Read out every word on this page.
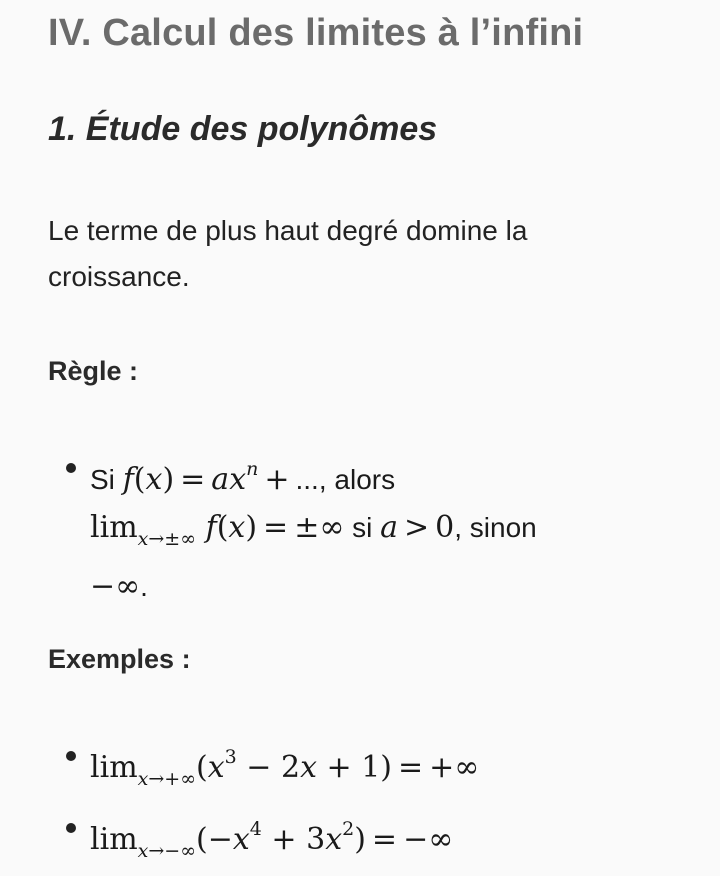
IV. Calcul des limites à l’infini
1. Étude des polynômes
Le terme de plus haut degré domine la croissance.
Règle :
Si $f(x) = ax^n$ + ..., alors
$\lim_{x\to\pm\infty} f(x)$ = ±∞ si a > 0, sinon
−∞.
Exemples :
$\lim_{x\to+\infty}(x^3 - 2x + 1)$ = +∞
$\lim_{x\to-\infty}(-x^4 + 3x^2)$ = −∞
